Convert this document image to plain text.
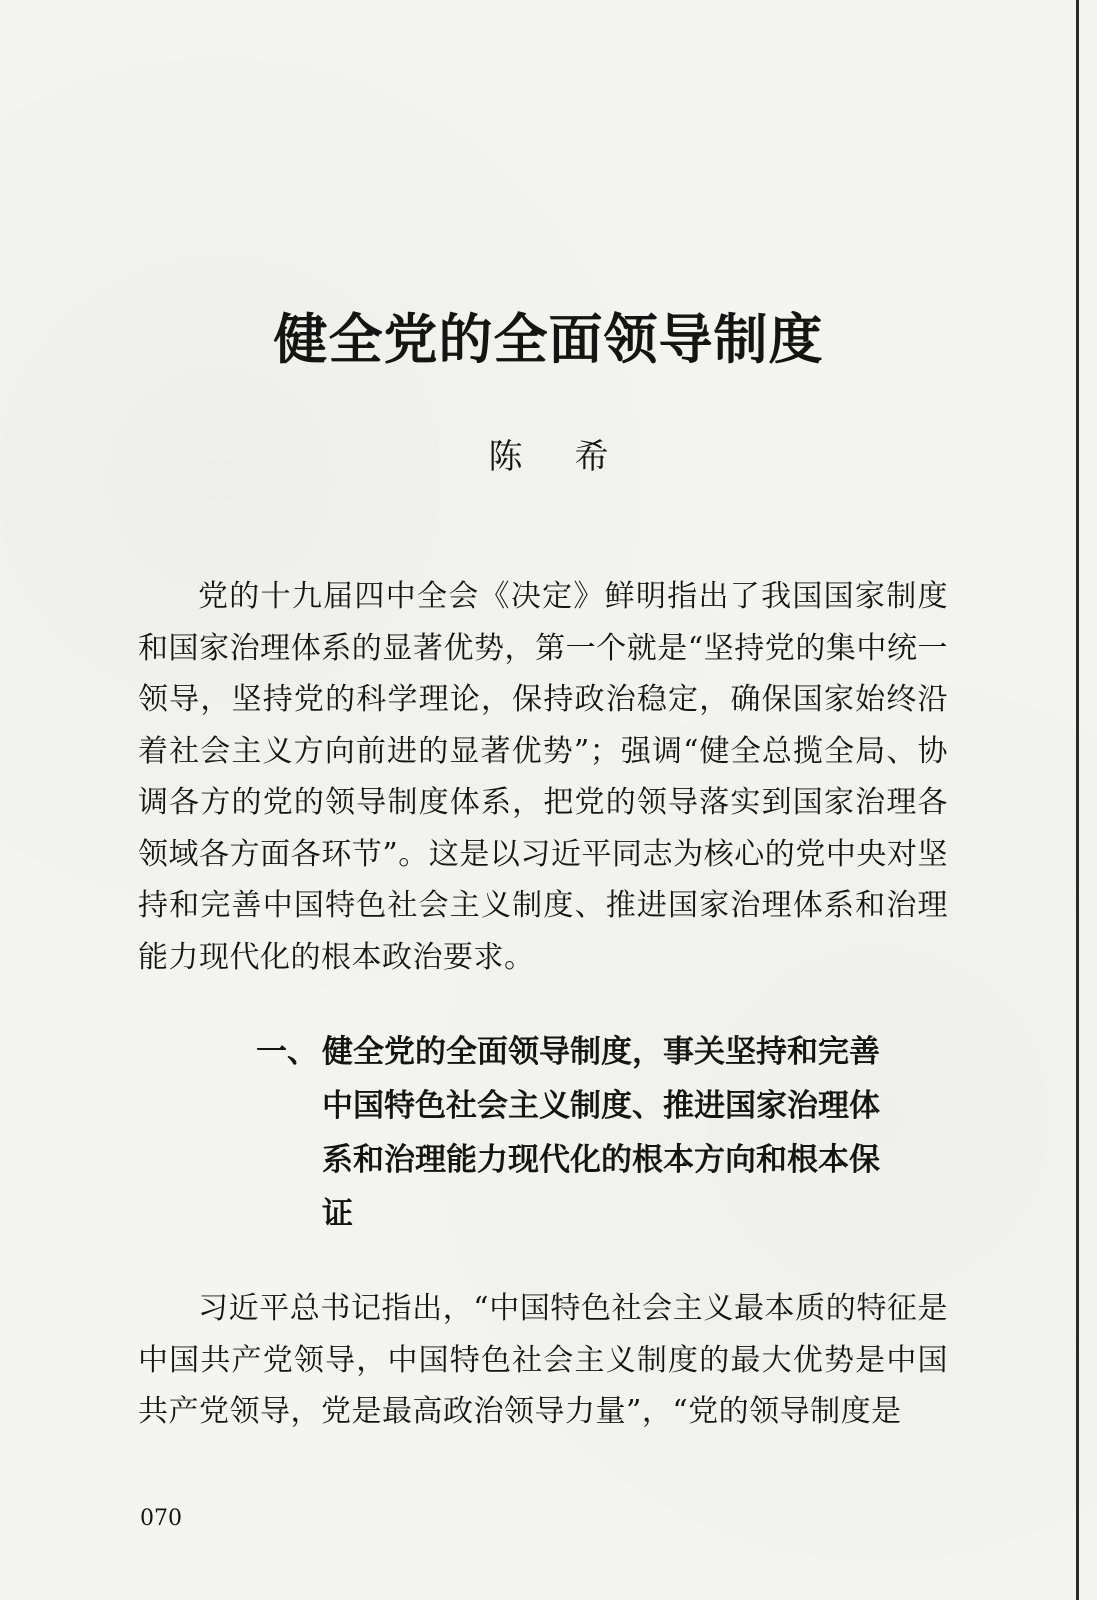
健全党的全面领导制度
陈希

党的十九届四中全会《决定》鲜明指出了我国国家制度和国家治理体系的显著优势，第一个就是“坚持党的集中统一领导，坚持党的科学理论，保持政治稳定，确保国家始终沿着社会主义方向前进的显著优势”；强调“健全总揽全局、协调各方的党的领导制度体系，把党的领导落实到国家治理各领域各方面各环节”。这是以习近平同志为核心的党中央对坚持和完善中国特色社会主义制度、推进国家治理体系和治理能力现代化的根本政治要求。

一、 健全党的全面领导制度，事关坚持和完善中国特色社会主义制度、推进国家治理体系和治理能力现代化的根本方向和根本保证

习近平总书记指出，“中国特色社会主义最本质的特征是中国共产党领导，中国特色社会主义制度的最大优势是中国共产党领导，党是最高政治领导力量”，“党的领导制度是

070
